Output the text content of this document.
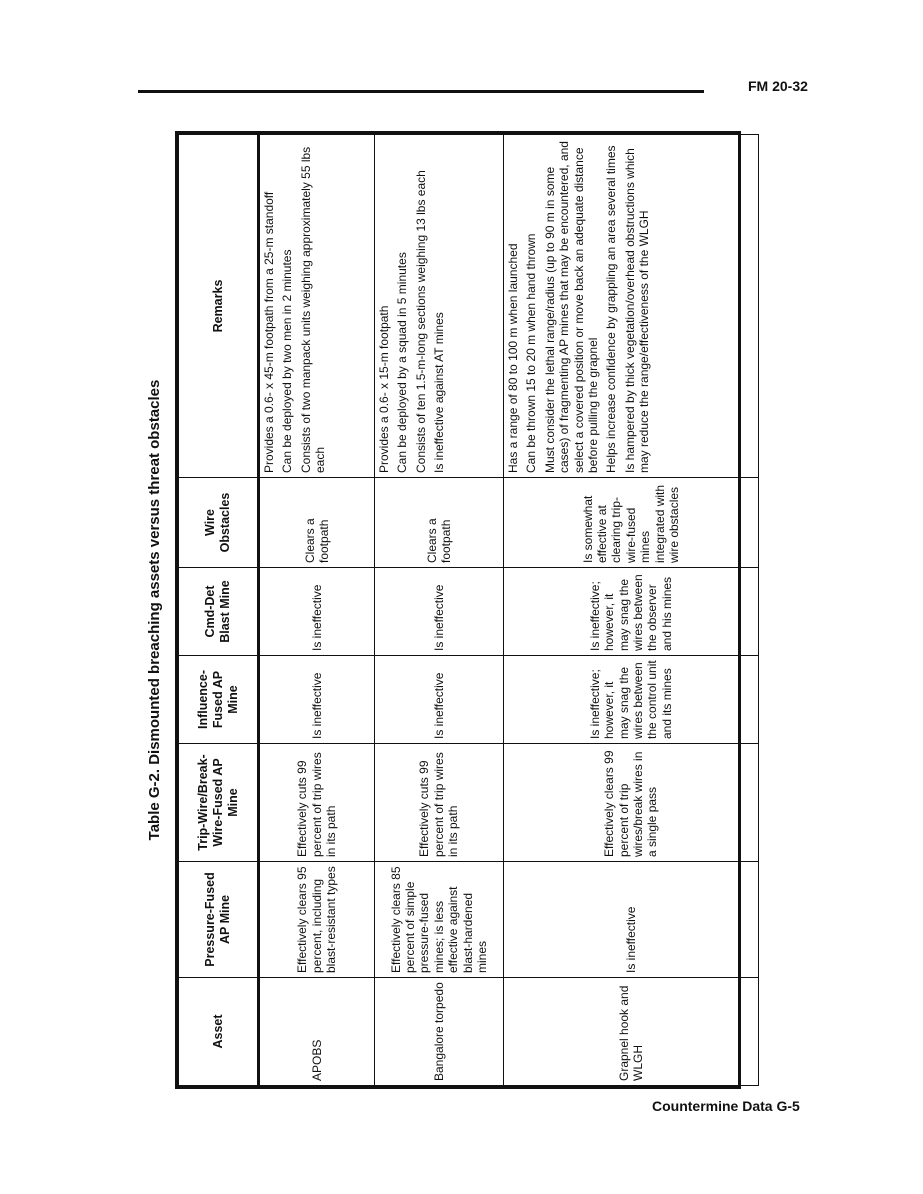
FM 20-32
Table G-2. Dismounted breaching assets versus threat obstacles
Asset	Pressure-Fused AP Mine	Trip-Wire/Break-Wire-Fused AP Mine	Influence-Fused AP Mine	Cmd-Det Blast Mine	Wire Obstacles	Remarks
APOBS	Effectively clears 95 percent, including blast-resistant types	Effectively cuts 99 percent of trip wires in its path	Is ineffective	Is ineffective	Clears a footpath	Provides a 0.6- x 45-m footpath from a 25-m standoff Can be deployed by two men in 2 minutes Consists of two manpack units weighing approximately 55 lbs each

Bangalore torpedo	Effectively clears 85 percent of simple pressure-fused mines; is less effective against blast-hardened mines	Effectively cuts 99 percent of trip wires in its path	Is ineffective	Is ineffective	Clears a footpath	Provides a 0.6- x 15-m footpath Can be deployed by a squad in 5 minutes Consists of ten 1.5-m-long sections weighing 13 lbs each Is ineffective against AT mines

Grapnel hook and WLGH	Is ineffective	Effectively clears 99 percent of trip wires/break wires in a single pass	Is ineffective; however, it may snag the wires between the control unit and its mines	Is ineffective; however, it may snag the wires between the observer and his mines	Is somewhat effective at clearing trip-wire-fused mines integrated with wire obstacles	Has a range of 80 to 100 m when launched Can be thrown 15 to 20 m when hand thrown Must consider the lethal range/radius (up to 90 m in some cases) of fragmenting AP mines that may be encountered, and select a covered position or move back an adequate distance before pulling the grapnel Helps increase confidence by grappling an area several times Is hampered by thick vegetation/overhead obstructions which may reduce the range/effectiveness of the WLGH

Countermine Data G-5
